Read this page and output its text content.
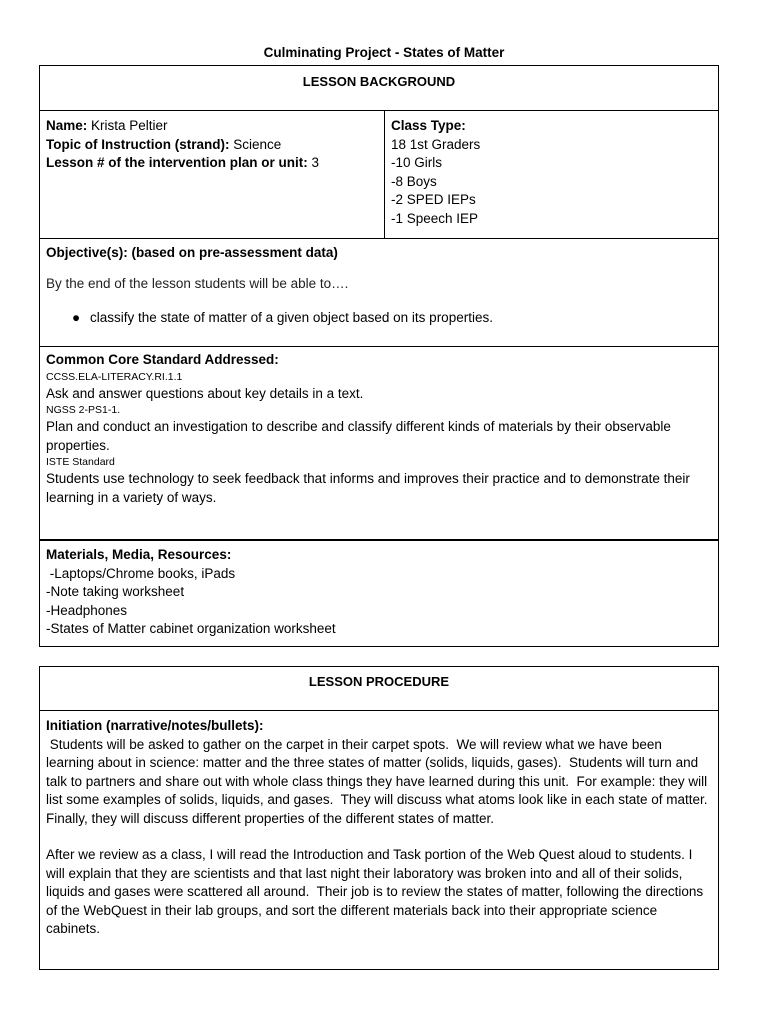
Culminating Project - States of Matter
LESSON BACKGROUND

Name: Krista Peltier

Topic of Instruction (strand): Science

Lesson # of the intervention plan or unit: 3

Class Type:

18 1st Graders

-10 Girls

-8 Boys

-2 SPED IEPs

-1 Speech IEP

Objective(s): (based on pre-assessment data)

By the end of the lesson students will be able to….

● classify the state of matter of a given object based on its properties.

Common Core Standard Addressed:

CCSS.ELA-LITERACY.RI.1.1

Ask and answer questions about key details in a text.

NGSS 2-PS1-1.

Plan and conduct an investigation to describe and classify different kinds of materials by their observable properties.

ISTE Standard

Students use technology to seek feedback that informs and improves their practice and to demonstrate their learning in a variety of ways.

Materials, Media, Resources:

-Laptops/Chrome books, iPads

-Note taking worksheet

-Headphones

-States of Matter cabinet organization worksheet

LESSON PROCEDURE

Initiation (narrative/notes/bullets):

Students will be asked to gather on the carpet in their carpet spots.  We will review what we have been learning about in science: matter and the three states of matter (solids, liquids, gases).  Students will turn and talk to partners and share out with whole class things they have learned during this unit.  For example: they will list some examples of solids, liquids, and gases.  They will discuss what atoms look like in each state of matter.  Finally, they will discuss different properties of the different states of matter.

After we review as a class, I will read the Introduction and Task portion of the Web Quest aloud to students. I will explain that they are scientists and that last night their laboratory was broken into and all of their solids, liquids and gases were scattered all around.  Their job is to review the states of matter, following the directions of the WebQuest in their lab groups, and sort the different materials back into their appropriate science cabinets.
